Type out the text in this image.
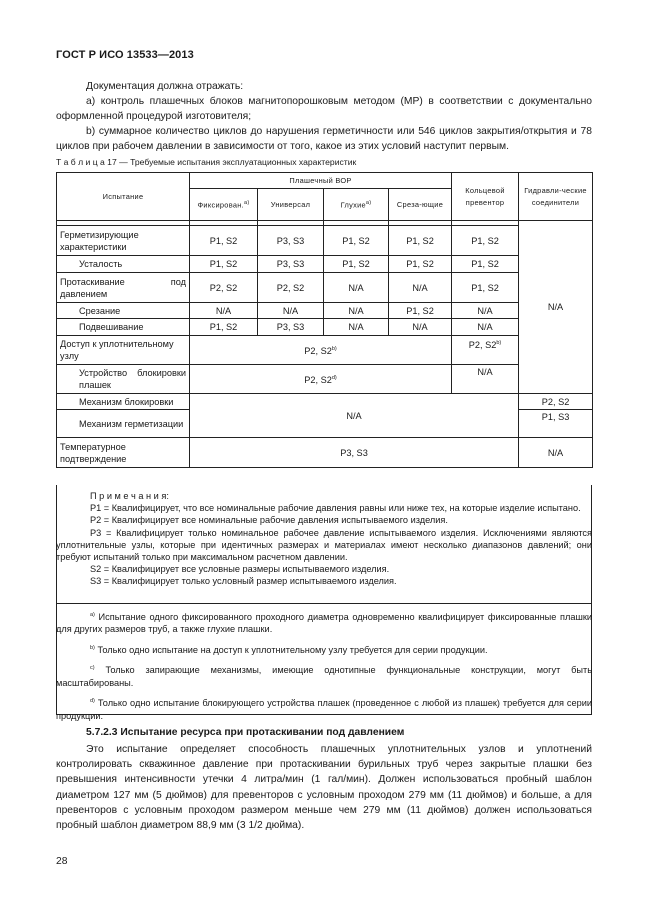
ГОСТ Р ИСО 13533—2013
Документация должна отражать:
a) контроль плашечных блоков магнитопорошковым методом (МР) в соответствии с документально оформленной процедурой изготовителя;
b) суммарное количество циклов до нарушения герметичности или 546 циклов закрытия/открытия и 78 циклов при рабочем давлении в зависимости от того, какое из этих условий наступит первым.
Т а б л и ц а 17 — Требуемые испытания эксплуатационных характеристик
Испытание	Плашечный ВОР				Кольцевой превентор	Гидравли-ческие соединители
	Фиксирован.$^{a)}$	Универсал	Глухие$^{a)}$	Среза-ющие		
						N/A
Герметизирующие характеристики	P1, S2	P3, S3	P1, S2	P1, S2	P1, S2	
Усталость	P1, S2	P3, S3	P1, S2	P1, S2	P1, S2	
Протаскивание под давлением	P2, S2	P2, S2	N/A	N/A	P1, S2	
Срезание	N/A	N/A	N/A	P1, S2	N/A	
Подвешивание	P1, S2	P3, S3	N/A	N/A	N/A	
Доступ к уплотнительному узлу	P2, S2$^{b)}$				P2, S2$^{b)}$
Устройство блокировки плашек	P2, S2$^{d)}$				N/A	
Механизм блокировки	N/A					P2, S2
Механизм герметизации						P1, S3
Температурное подтверждение	P3, S3					N/A

П р и м е ч а н и я:

P1 = Квалифицирует, что все номинальные рабочие давления равны или ниже тех, на которые изделие испытано.

P2 = Квалифицирует все номинальные рабочие давления испытываемого изделия.

P3 = Квалифицирует только номинальное рабочее давление испытываемого изделия. Исключениями являются уплотнительные узлы, которые при идентичных размерах и материалах имеют несколько диапазонов давлений; они требуют испытаний только при максимальном расчетном давлении.

S2 = Квалифицирует все условные размеры испытываемого изделия.

S3 = Квалифицирует только условный размер испытываемого изделия.

$^{a)}$ Испытание одного фиксированного проходного диаметра одновременно квалифицирует фиксированные плашки для других размеров труб, а также глухие плашки.

$^{b)}$ Только одно испытание на доступ к уплотнительному узлу требуется для серии продукции.

$^{c)}$ Только запирающие механизмы, имеющие однотипные функциональные конструкции, могут быть масштабированы.

$^{d)}$ Только одно испытание блокирующего устройства плашек (проведенное с любой из плашек) требуется для серии продукции.

5.7.2.3 Испытание ресурса при протаскивании под давлением
Это испытание определяет способность плашечных уплотнительных узлов и уплотнений контролировать скважинное давление при протаскивании бурильных труб через закрытые плашки без превышения интенсивности утечки 4 литра/мин (1 гал/мин). Должен использоваться пробный шаблон диаметром 127 мм (5 дюймов) для превенторов с условным проходом 279 мм (11 дюймов) и больше, а для превенторов с условным проходом размером меньше чем 279 мм (11 дюймов) должен использоваться пробный шаблон диаметром 88,9 мм (3 1/2 дюйма).
28
